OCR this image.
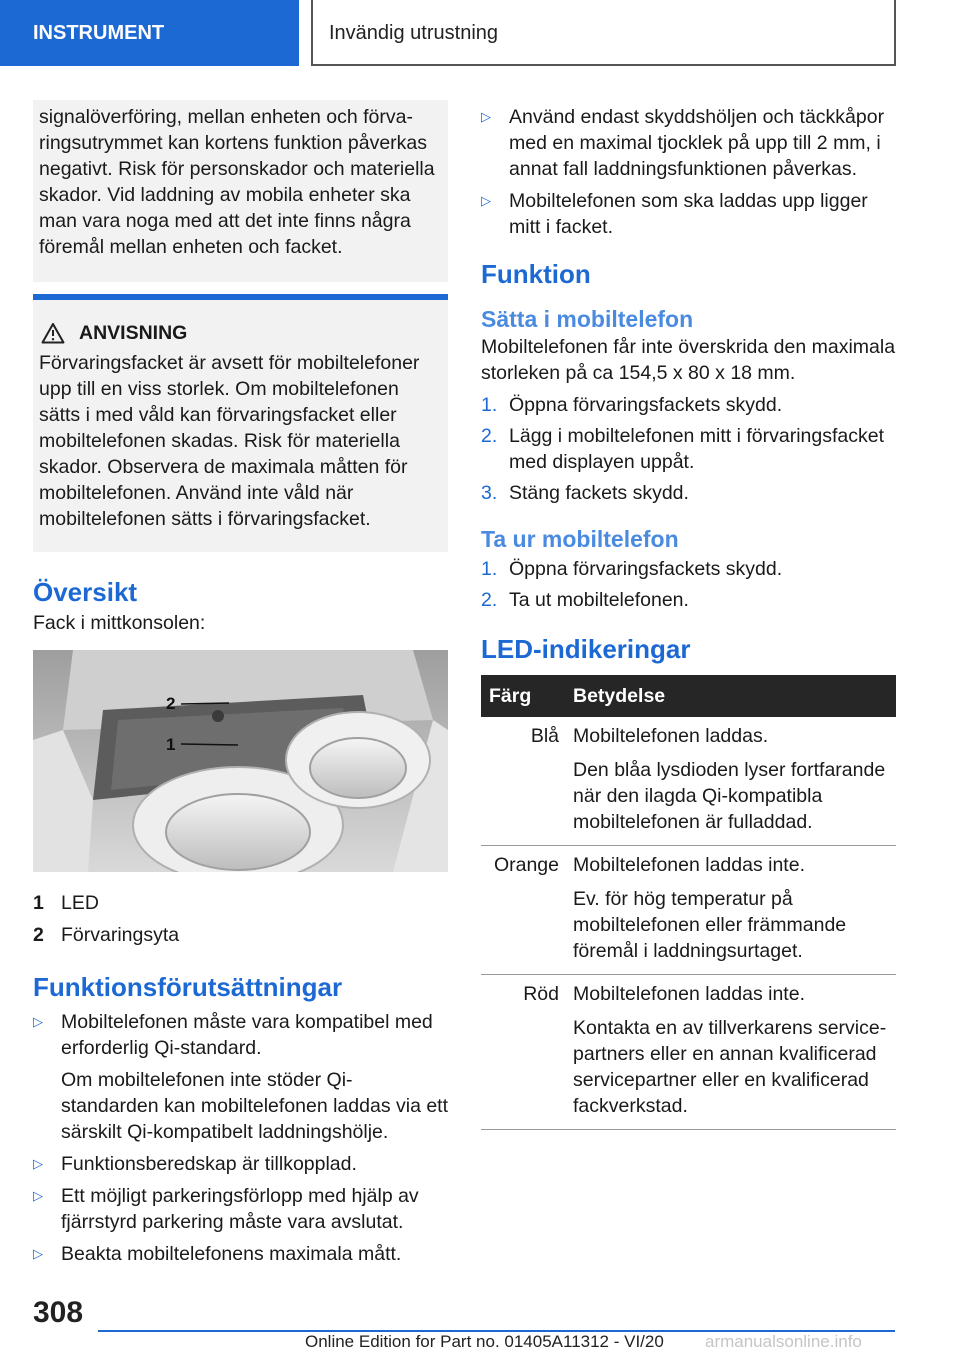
INSTRUMENT	Invändig utrustning

signalöverföring, mellan enheten och förvaringsutrymmet kan kortens funktion påverkas negativt. Risk för personskador och materiella skador. Vid laddning av mobila enheter ska man vara noga med att det inte finns några föremål mellan enheten och facket.

ANVISNING

Förvaringsfacket är avsett för mobiltelefoner upp till en viss storlek. Om mobiltelefonen sätts i med våld kan förvaringsfacket eller mobiltelefonen skadas. Risk för materiella skador. Observera de maximala måtten för mobiltelefonen. Använd inte våld när mobiltelefonen sätts i förvaringsfacket.

Översikt

Fack i mittkonsolen:

2
1
1 LED
2 Förvaringsyta
Funktionsförutsättningar
▷ Mobiltelefonen måste vara kompatibel med erforderlig Qi-standard.

Om mobiltelefonen inte stöder Qi-standarden kan mobiltelefonen laddas via ett särskilt Qi-kompatibelt laddningshölje.

▷ Funktionsberedskap är tillkopplad.

▷ Ett möjligt parkeringsförlopp med hjälp av fjärrstyrd parkering måste vara avslutat.

▷ Beakta mobiltelefonens maximala mått.

▷ Använd endast skyddshöljen och täckkåpor med en maximal tjocklek på upp till 2 mm, i annat fall laddningsfunktionen påverkas.

▷ Mobiltelefonen som ska laddas upp ligger mitt i facket.

Funktion
Sätta i mobiltelefon

Mobiltelefonen får inte överskrida den maximala storleken på ca 154,5 x 80 x 18 mm.

1. Öppna förvaringsfackets skydd.
2. Lägg i mobiltelefonen mitt i förvaringsfacket med displayen uppåt.
3. Stäng fackets skydd.
Ta ur mobiltelefon
1. Öppna förvaringsfackets skydd.
2. Ta ut mobiltelefonen.
LED-indikeringar
Färg	Betydelse
Blå	Mobiltelefonen laddas.

Den blåa lysdioden lyser fortfarande när den ilagda Qi-kompatibla mobiltelefonen är fulladdad.

Orange	Mobiltelefonen laddas inte.

Ev. för hög temperatur på mobiltelefonen eller främmande föremål i laddningsurtaget.

Röd	Mobiltelefonen laddas inte.

Kontakta en av tillverkarens servicepartners eller en annan kvalificerad servicepartner eller en kvalificerad fackverkstad.

308
Online Edition for Part no. 01405A11312 - VI/20 armanualsonline.info
